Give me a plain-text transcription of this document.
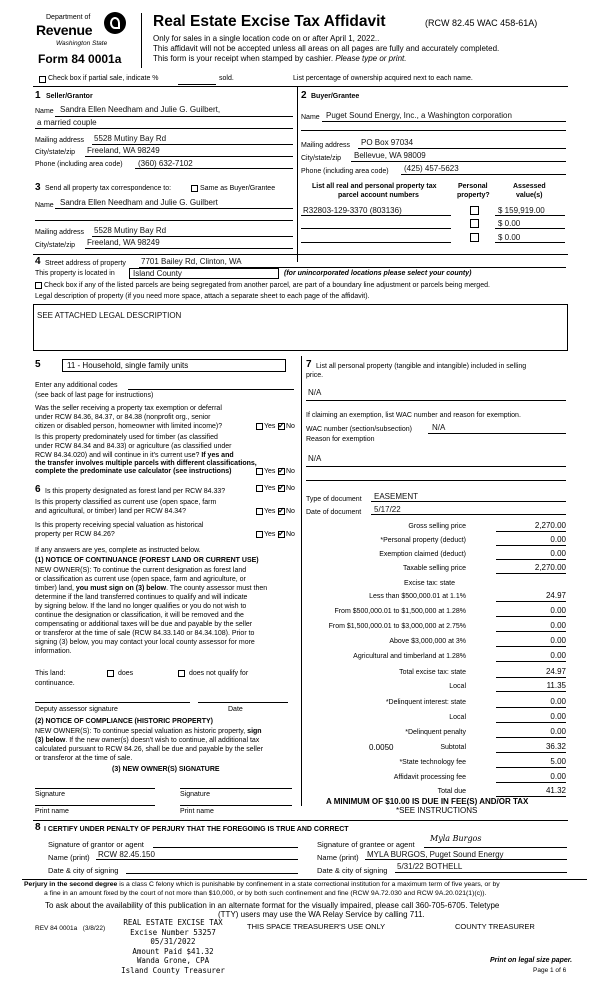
Department of
Revenue
Washington State
Form 84 0001a
Real Estate Excise Tax Affidavit	(RCW 82.45 WAC 458-61A)
Only for sales in a single location code on or after April 1, 2022..
This affidavit will not be accepted unless all areas on all pages are fully and accurately completed.
This form is your receipt when stamped by cashier. Please type or print.
Check box if partial sale, indicate %	sold.	List percentage of ownership acquired next to each name.
1 Seller/Grantor
Name Sandra Ellen Needham and Julie G. Guilbert,
a married couple
Mailing address 5528 Mutiny Bay Rd
City/state/zip Freeland, WA 98249
Phone (including area code) (360) 632-7102
2 Buyer/Grantee
Name Puget Sound Energy, Inc., a Washington corporation
Mailing address PO Box 97034
City/state/zip Bellevue, WA 98009
Phone (including area code) (425) 457-5623
List all real and personal property tax
parcel account numbers
Personal
property?
Assessed
value(s)
R32803-129-3370 (803136)	$ 159,919.00
$ 0.00
$ 0.00
3 Send all property tax correspondence to:	Same as Buyer/Grantee
Name Sandra Ellen Needham and Julie G. Guilbert
Mailing address 5528 Mutiny Bay Rd
City/state/zip Freeland, WA 98249
4 Street address of property 7701 Bailey Rd, Clinton, WA
This property is located in Island County	(for unincorporated locations please select your county)
Check box if any of the listed parcels are being segregated from another parcel, are part of a boundary line adjustment or parcels being merged.
Legal description of property (if you need more space, attach a separate sheet to each page of the affidavit).
SEE ATTACHED LEGAL DESCRIPTION
5	11 - Household, single family units
Enter any additional codes
(see back of last page for instructions)
Was the seller receiving a property tax exemption or deferral
under RCW 84.36, 84.37, or 84.38 (nonprofit org., senior
citizen or disabled person, homeowner with limited income)?	Yes ✓ No
Is this property predominately used for timber (as classified
under RCW 84.34 and 84.33) or agriculture (as classified under
RCW 84.34.020) and will continue in it's current use? If yes and
the transfer involves multiple parcels with different classifications,
complete the predominate use calculator (see instructions)	Yes ✓ No
6 Is this property designated as forest land per RCW 84.33?	Yes ✓ No
Is this property classified as current use (open space, farm
and agricultural, or timber) land per RCW 84.34?	Yes ✓ No
Is this property receiving special valuation as historical
property per RCW 84.26?	Yes ✓ No
If any answers are yes, complete as instructed below.
(1) NOTICE OF CONTINUANCE (FOREST LAND OR CURRENT USE)
NEW OWNER(S): To continue the current designation as forest land
or classification as current use (open space, farm and agriculture, or
timber) land, you must sign on (3) below. The county assessor must then
determine if the land transferred continues to qualify and will indicate
by signing below. If the land no longer qualifies or you do not wish to
continue the designation or classification, it will be removed and the
compensating or additional taxes will be due and payable by the seller
or transferor at the time of sale (RCW 84.33.140 or 84.34.108). Prior to
signing (3) below, you may contact your local county assessor for more
information.
This land:	does	does not qualify for
continuance.
Deputy assessor signature	Date
(2) NOTICE OF COMPLIANCE (HISTORIC PROPERTY)
NEW OWNER(S): To continue special valuation as historic property, sign
(3) below. If the new owner(s) doesn't wish to continue, all additional tax
calculated pursuant to RCW 84.26, shall be due and payable by the seller
or transferor at the time of sale.
(3) NEW OWNER(S) SIGNATURE
Signature	Signature
Print name	Print name
7 List all personal property (tangible and intangible) included in selling
price.
N/A
If claiming an exemption, list WAC number and reason for exemption.
WAC number (section/subsection)	N/A
Reason for exemption
N/A
Type of document EASEMENT
Date of document 5/17/22
Gross selling price	2,270.00
*Personal property (deduct)	0.00
Exemption claimed (deduct)	0.00
Taxable selling price	2,270.00
Excise tax: state
Less than $500,000.01 at 1.1%	24.97
From $500,000.01 to $1,500,000 at 1.28%	0.00
From $1,500,000.01 to $3,000,000 at 2.75%	0.00
Above $3,000,000 at 3%	0.00
Agricultural and timberland at 1.28%	0.00
Total excise tax: state	24.97
Local	11.35
*Delinquent interest: state	0.00
Local	0.00
*Delinquent penalty	0.00
Subtotal	36.32
*State technology fee	5.00
Affidavit processing fee	0.00
Total due	41.32
0.0050
A MINIMUM OF $10.00 IS DUE IN FEE(S) AND/OR TAX
*SEE INSTRUCTIONS
8 I CERTIFY UNDER PENALTY OF PERJURY THAT THE FOREGOING IS TRUE AND CORRECT
Signature of grantor or agent
Name (print) RCW 82.45.150
Date & city of signing
Signature of grantee or agent
Myla Burgos
Name (print) MYLA BURGOS, Puget Sound Energy
Date & city of signing 5/31/22 BOTHELL
Perjury in the second degree is a class C felony which is punishable by confinement in a state correctional institution for a maximum term of five years, or by
a fine in an amount fixed by the court of not more than $10,000, or by both such confinement and fine (RCW 9A.72.030 and RCW 9A.20.021(1)(c)).
To ask about the availability of this publication in an alternate format for the visually impaired, please call 360-705-6705. Teletype
(TTY) users may use the WA Relay Service by calling 711.
REV 84 0001a (3/8/22)
REAL ESTATE EXCISE TAX
Excise Number 53257
05/31/2022
Amount Paid $41.32
Wanda Grone, CPA
Island County Treasurer
THIS SPACE TREASURER'S USE ONLY	COUNTY TREASURER
Print on legal size paper.
Page 1 of 6
